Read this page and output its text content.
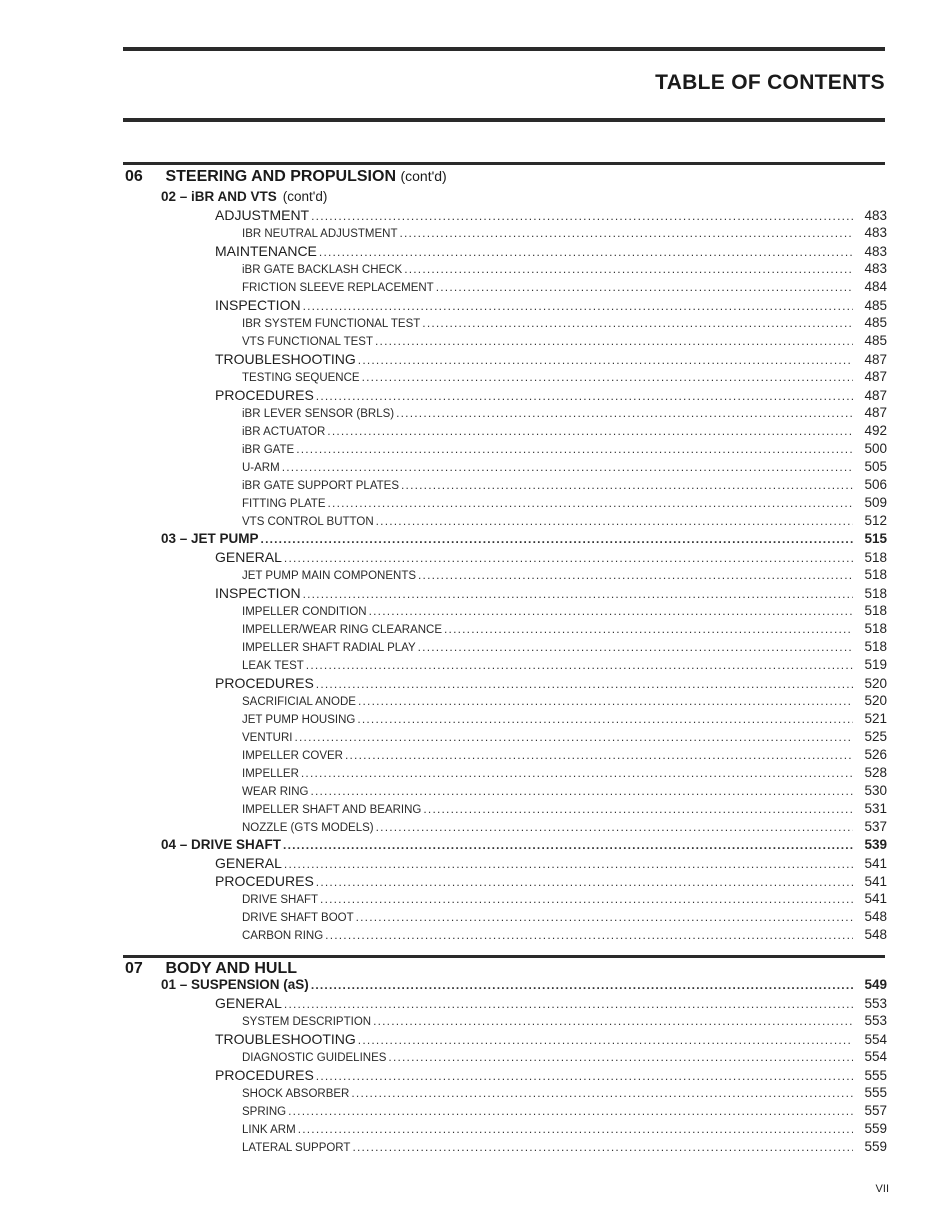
TABLE OF CONTENTS
06 STEERING AND PROPULSION (cont'd)
02 – iBR AND VTS (cont'd)
ADJUSTMENT .....	483
IBR NEUTRAL ADJUSTMENT .....	483
MAINTENANCE .....	483
iBR GATE BACKLASH CHECK .....	483
FRICTION SLEEVE REPLACEMENT .....	484
INSPECTION .....	485
IBR SYSTEM FUNCTIONAL TEST .....	485
VTS FUNCTIONAL TEST .....	485
TROUBLESHOOTING .....	487
TESTING SEQUENCE .....	487
PROCEDURES .....	487
iBR LEVER SENSOR (BRLS) .....	487
iBR ACTUATOR .....	492
iBR GATE .....	500
U-ARM .....	505
iBR GATE SUPPORT PLATES .....	506
FITTING PLATE .....	509
VTS CONTROL BUTTON .....	512
03 – JET PUMP .....	515
GENERAL .....	518
JET PUMP MAIN COMPONENTS .....	518
INSPECTION .....	518
IMPELLER CONDITION .....	518
IMPELLER/WEAR RING CLEARANCE .....	518
IMPELLER SHAFT RADIAL PLAY .....	518
LEAK TEST .....	519
PROCEDURES .....	520
SACRIFICIAL ANODE .....	520
JET PUMP HOUSING .....	521
VENTURI .....	525
IMPELLER COVER .....	526
IMPELLER .....	528
WEAR RING .....	530
IMPELLER SHAFT AND BEARING .....	531
NOZZLE (GTS MODELS) .....	537
04 – DRIVE SHAFT .....	539
GENERAL .....	541
PROCEDURES .....	541
DRIVE SHAFT .....	541
DRIVE SHAFT BOOT .....	548
CARBON RING .....	548
07 BODY AND HULL
01 – SUSPENSION (aS) .....	549
GENERAL .....	553
SYSTEM DESCRIPTION .....	553
TROUBLESHOOTING .....	554
DIAGNOSTIC GUIDELINES .....	554
PROCEDURES .....	555
SHOCK ABSORBER .....	555
SPRING .....	557
LINK ARM .....	559
LATERAL SUPPORT .....	559
VII
